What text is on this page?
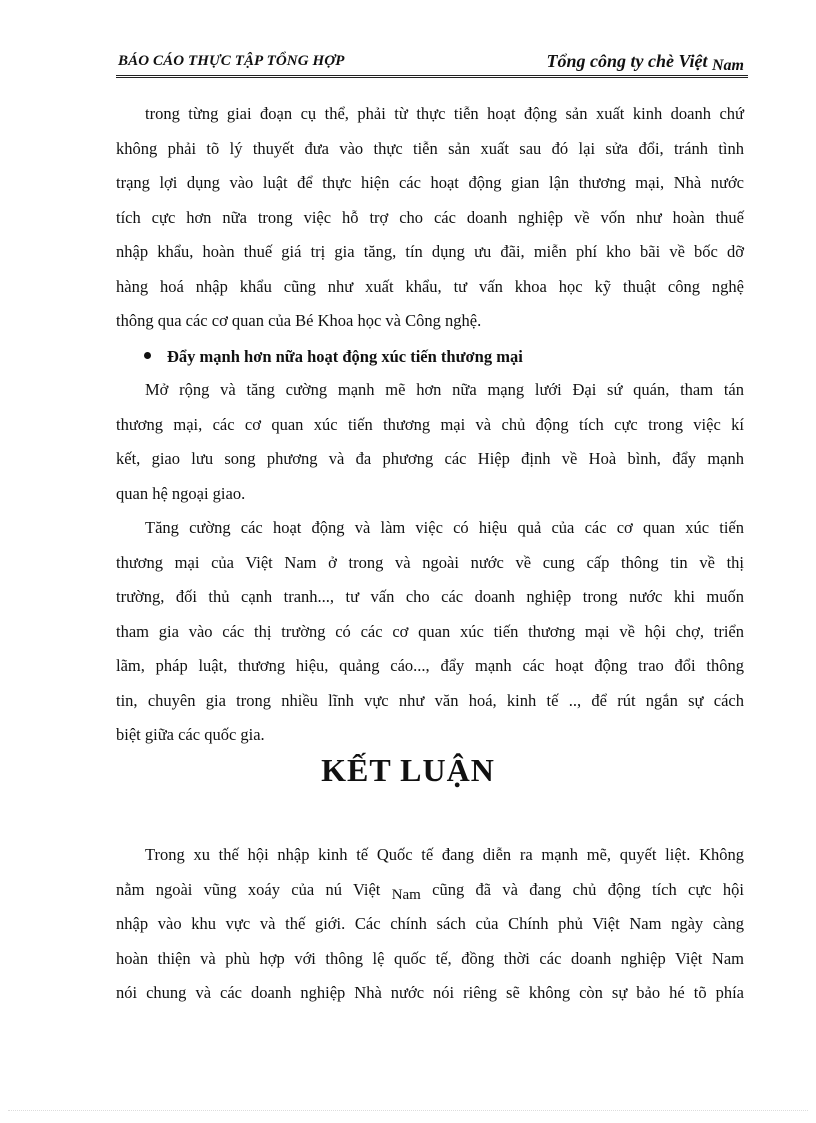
BÁO CÁO THỰC TẬP TỔNG HỢP	Tổng công ty chè Việt Nam
trong từng giai đoạn cụ thể, phải từ thực tiễn hoạt động sản xuất kinh doanh chứ
không phải tõ lý thuyết đưa vào thực tiễn sản xuất sau đó lại sửa đổi, tránh tình
trạng lợi dụng vào luật để thực hiện các hoạt động gian lận thương mại, Nhà nước
tích cực hơn nữa trong việc hỗ trợ cho các doanh nghiệp về vốn như hoàn thuế
nhập khẩu, hoàn thuế giá trị gia tăng, tín dụng ưu đãi, miễn phí kho bãi về bốc dỡ
hàng hoá nhập khẩu cũng như xuất khẩu, tư vấn khoa học kỹ thuật công nghệ
thông qua các cơ quan của Bé Khoa học và Công nghệ.
Đẩy mạnh hơn nữa hoạt động xúc tiến thương mại
Mở rộng và tăng cường mạnh mẽ hơn nữa mạng lưới Đại sứ quán, tham tán
thương mại, các cơ quan xúc tiến thương mại và chủ động tích cực trong việc kí
kết, giao lưu song phương và đa phương các Hiệp định về Hoà bình, đẩy mạnh
quan hệ ngoại giao.
Tăng cường các hoạt động và làm việc có hiệu quả của các cơ quan xúc tiến
thương mại của Việt Nam ở trong và ngoài nước về cung cấp thông tin về thị
trường, đối thủ cạnh tranh..., tư vấn cho các doanh nghiệp trong nước khi muốn
tham gia vào các thị trường có các cơ quan xúc tiến thương mại về hội chợ, triển
lãm, pháp luật, thương hiệu, quảng cáo..., đẩy mạnh các hoạt động trao đổi thông
tin, chuyên gia trong nhiều lĩnh vực như văn hoá, kinh tế .., để rút ngắn sự cách
biệt giữa các quốc gia.
KẾT LUẬN
Trong xu thế hội nhập kinh tế Quốc tế đang diễn ra mạnh mẽ, quyết liệt. Không
nằm ngoài vũng xoáy của nú Việt Nam cũng đã và đang chủ động tích cực hội
nhập vào khu vực và thế giới. Các chính sách của Chính phủ Việt Nam ngày càng
hoàn thiện và phù hợp với thông lệ quốc tế, đồng thời các doanh nghiệp Việt Nam
nói chung và các doanh nghiệp Nhà nước nói riêng sẽ không còn sự bảo hé tõ phía
